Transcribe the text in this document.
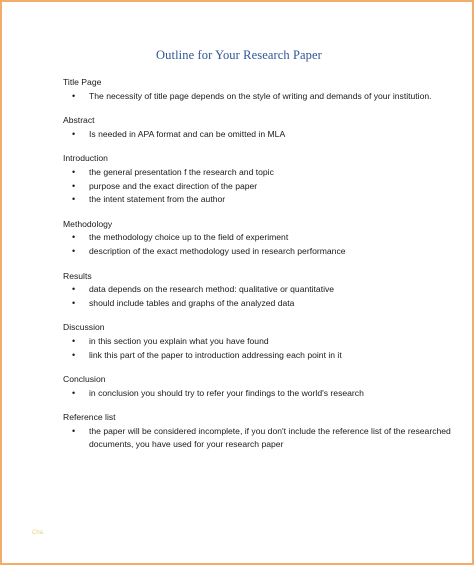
Outline for Your Research Paper
Title Page
• The necessity of title page depends on the style of writing and demands of your institution.
Abstract
• Is needed in APA format and can be omitted in MLA
Introduction
• the general presentation f the research and topic
• purpose and the exact direction of the paper
• the intent statement from the author
Methodology
• the methodology choice up to the field of experiment
• description of the exact methodology used in research performance
Results
• data depends on the research method: qualitative or quantitative
• should include tables and graphs of the analyzed data
Discussion
• in this section you explain what you have found
• link this part of the paper to introduction addressing each point in it
Conclusion
• in conclusion you should try to refer your findings to the world's research
Reference list
• the paper will be considered incomplete, if you don't include the reference list of the researched documents, you have used for your research paper
Cha
